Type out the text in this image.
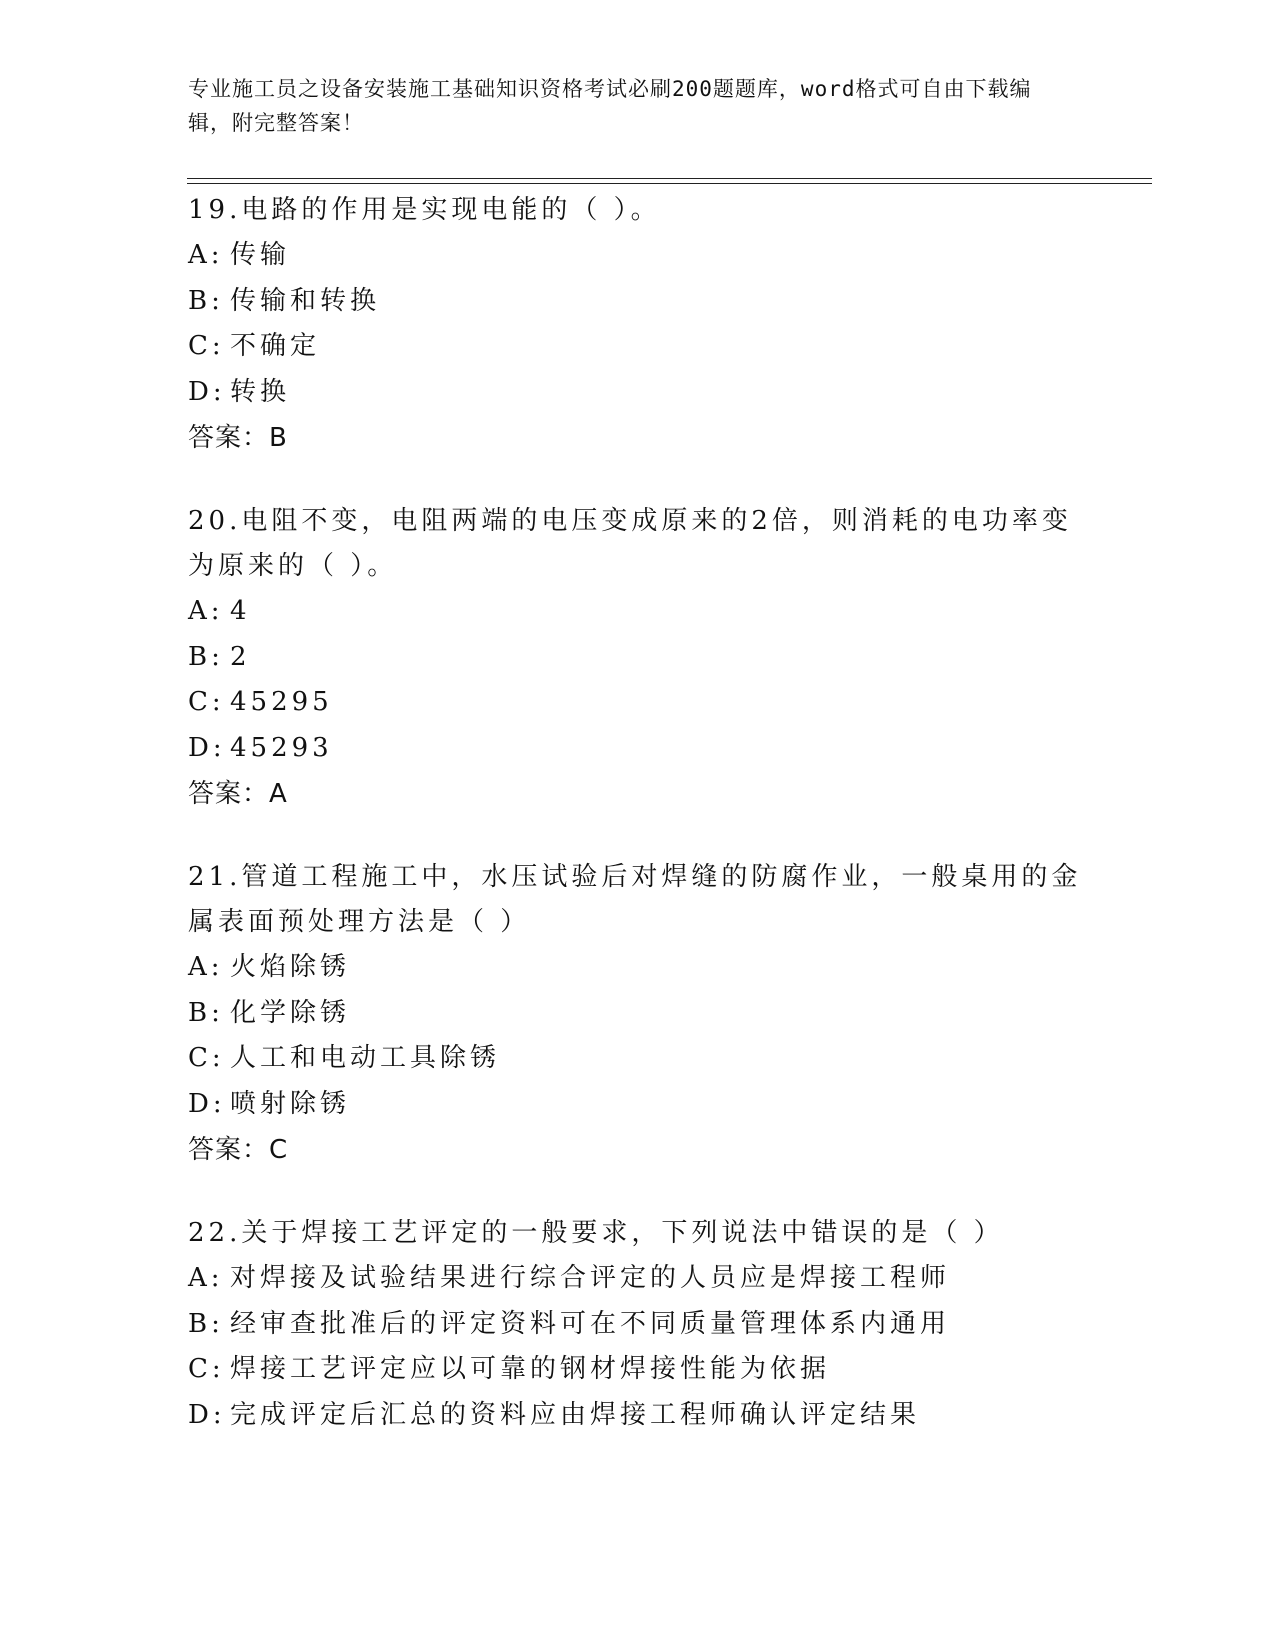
专业施工员之设备安装施工基础知识资格考试必刷200题题库，word格式可自由下载编辑，附完整答案！

19.电路的作用是实现电能的（ ）。

A: 传输
B: 传输和转换
C: 不确定
D: 转换
答案：B

20.电阻不变，电阻两端的电压变成原来的2倍，则消耗的电功率变为原来的（ ）。

A: 4
B: 2
C: 45295
D: 45293
答案：A

21.管道工程施工中，水压试验后对焊缝的防腐作业，一般桌用的金属表面预处理方法是（ ）

A: 火焰除锈
B: 化学除锈
C: 人工和电动工具除锈
D: 喷射除锈
答案：C

22.关于焊接工艺评定的一般要求，下列说法中错误的是（ ）

A: 对焊接及试验结果进行综合评定的人员应是焊接工程师
B: 经审查批准后的评定资料可在不同质量管理体系内通用
C: 焊接工艺评定应以可靠的钢材焊接性能为依据
D: 完成评定后汇总的资料应由焊接工程师确认评定结果
